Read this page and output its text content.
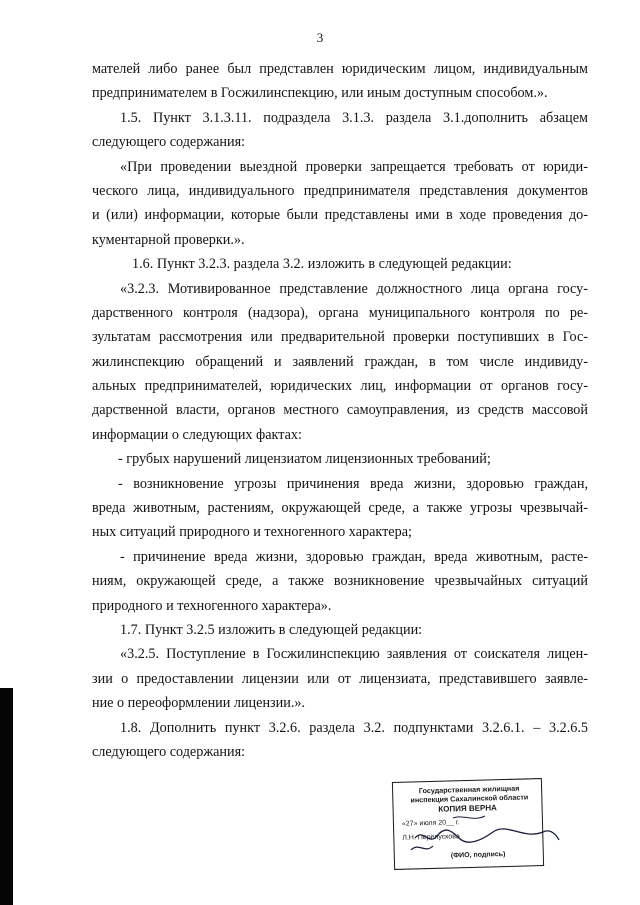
3
мателей либо ранее был представлен юридическим лицом, индивидуальным
предпринимателем в Госжилинспекцию, или иным доступным способом.».
1.5. Пункт 3.1.3.11. подраздела 3.1.3. раздела 3.1.дополнить абзацем
следующего содержания:
«При проведении выездной проверки запрещается требовать от юриди-
ческого лица, индивидуального предпринимателя представления документов
и (или) информации, которые были представлены ими в ходе проведения до-
кументарной проверки.».
1.6. Пункт 3.2.3. раздела 3.2. изложить в следующей редакции:
«3.2.3. Мотивированное представление должностного лица органа госу-
дарственного контроля (надзора), органа муниципального контроля по ре-
зультатам рассмотрения или предварительной проверки поступивших в Гос-
жилинспекцию обращений и заявлений граждан, в том числе индивиду-
альных предпринимателей, юридических лиц, информации от органов госу-
дарственной власти, органов местного самоуправления, из средств массовой
информации о следующих фактах:
- грубых нарушений лицензиатом лицензионных требований;
- возникновение угрозы причинения вреда жизни, здоровью граждан,
вреда животным, растениям, окружающей среде, а также угрозы чрезвычай-
ных ситуаций природного и техногенного характера;
- причинение вреда жизни, здоровью граждан, вреда животным, расте-
ниям, окружающей среде, а также возникновение чрезвычайных ситуаций
природного и техногенного характера».
1.7. Пункт 3.2.5 изложить в следующей редакции:
«3.2.5. Поступление в Госжилинспекцию заявления от соискателя лицен-
зии о предоставлении лицензии или от лицензиата, представившего заявле-
ние о переоформлении лицензии.».
1.8. Дополнить пункт 3.2.6. раздела 3.2. подпунктами 3.2.6.1. – 3.2.6.5
следующего содержания:
Государственная жилищная инспекция Сахалинской области
КОПИЯ ВЕРНА
«27» июля 20__ г.
Л.Н. Перепускова
(ФИО, подпись)
